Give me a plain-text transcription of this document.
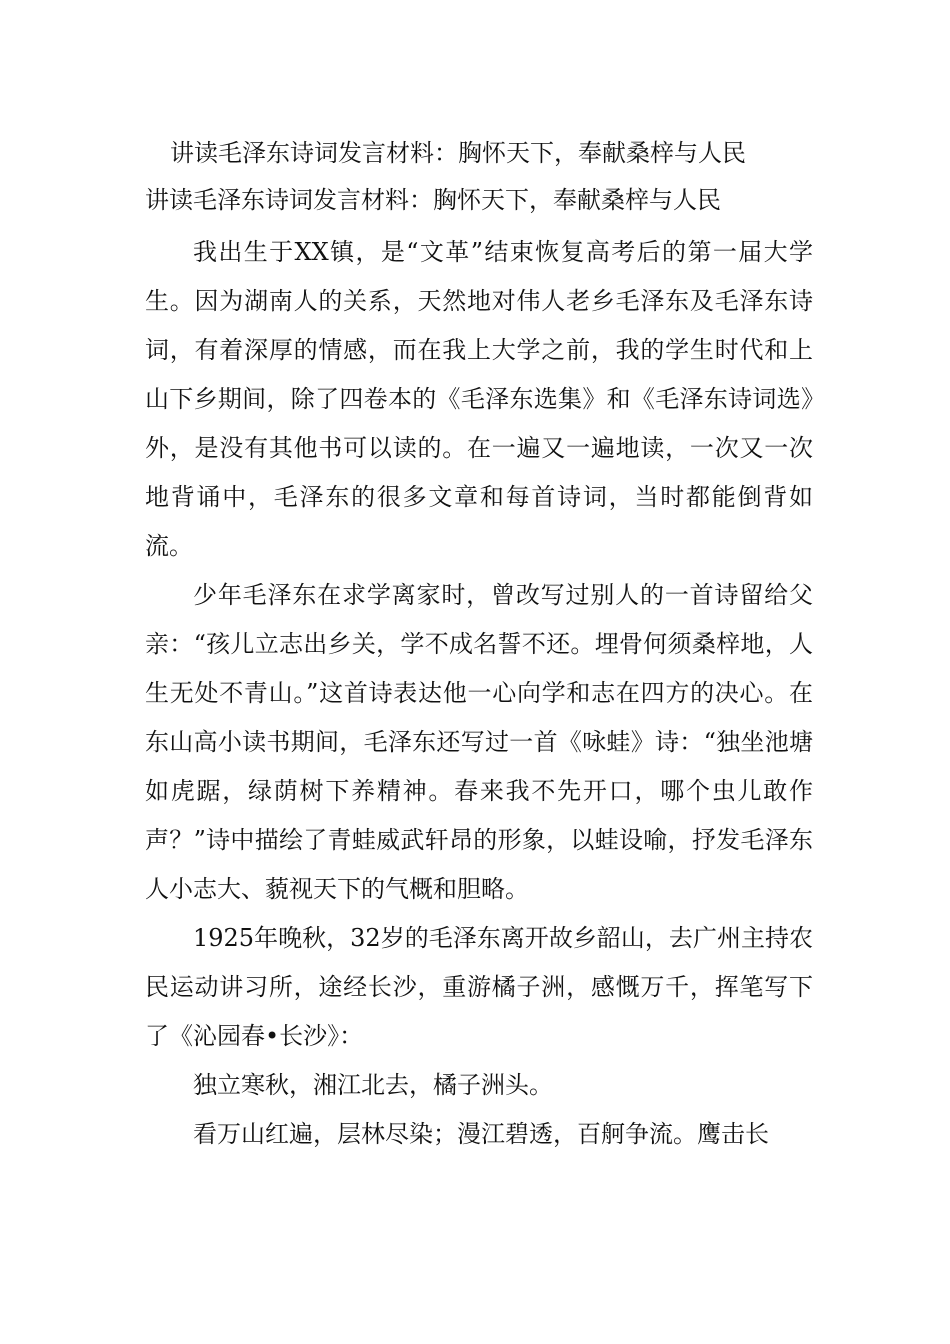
讲读毛泽东诗词发言材料：胸怀天下，奉献桑梓与人民
讲读毛泽东诗词发言材料：胸怀天下，奉献桑梓与人民

我出生于XX镇，是“文革”结束恢复高考后的第一届大学生。因为湖南人的关系，天然地对伟人老乡毛泽东及毛泽东诗词，有着深厚的情感，而在我上大学之前，我的学生时代和上山下乡期间，除了四卷本的《毛泽东选集》和《毛泽东诗词选》外，是没有其他书可以读的。在一遍又一遍地读，一次又一次地背诵中，毛泽东的很多文章和每首诗词，当时都能倒背如流。

少年毛泽东在求学离家时，曾改写过别人的一首诗留给父亲：“孩儿立志出乡关，学不成名誓不还。埋骨何须桑梓地，人生无处不青山。”这首诗表达他一心向学和志在四方的决心。在东山高小读书期间，毛泽东还写过一首《咏蛙》诗：“独坐池塘如虎踞，绿荫树下养精神。春来我不先开口，哪个虫儿敢作声？”诗中描绘了青蛙威武轩昂的形象，以蛙设喻，抒发毛泽东人小志大、藐视天下的气概和胆略。

1925年晚秋，32岁的毛泽东离开故乡韶山，去广州主持农民运动讲习所，途经长沙，重游橘子洲，感慨万千，挥笔写下了《沁园春•长沙》：

独立寒秋，湘江北去，橘子洲头。

看万山红遍，层林尽染；漫江碧透，百舸争流。鹰击长
